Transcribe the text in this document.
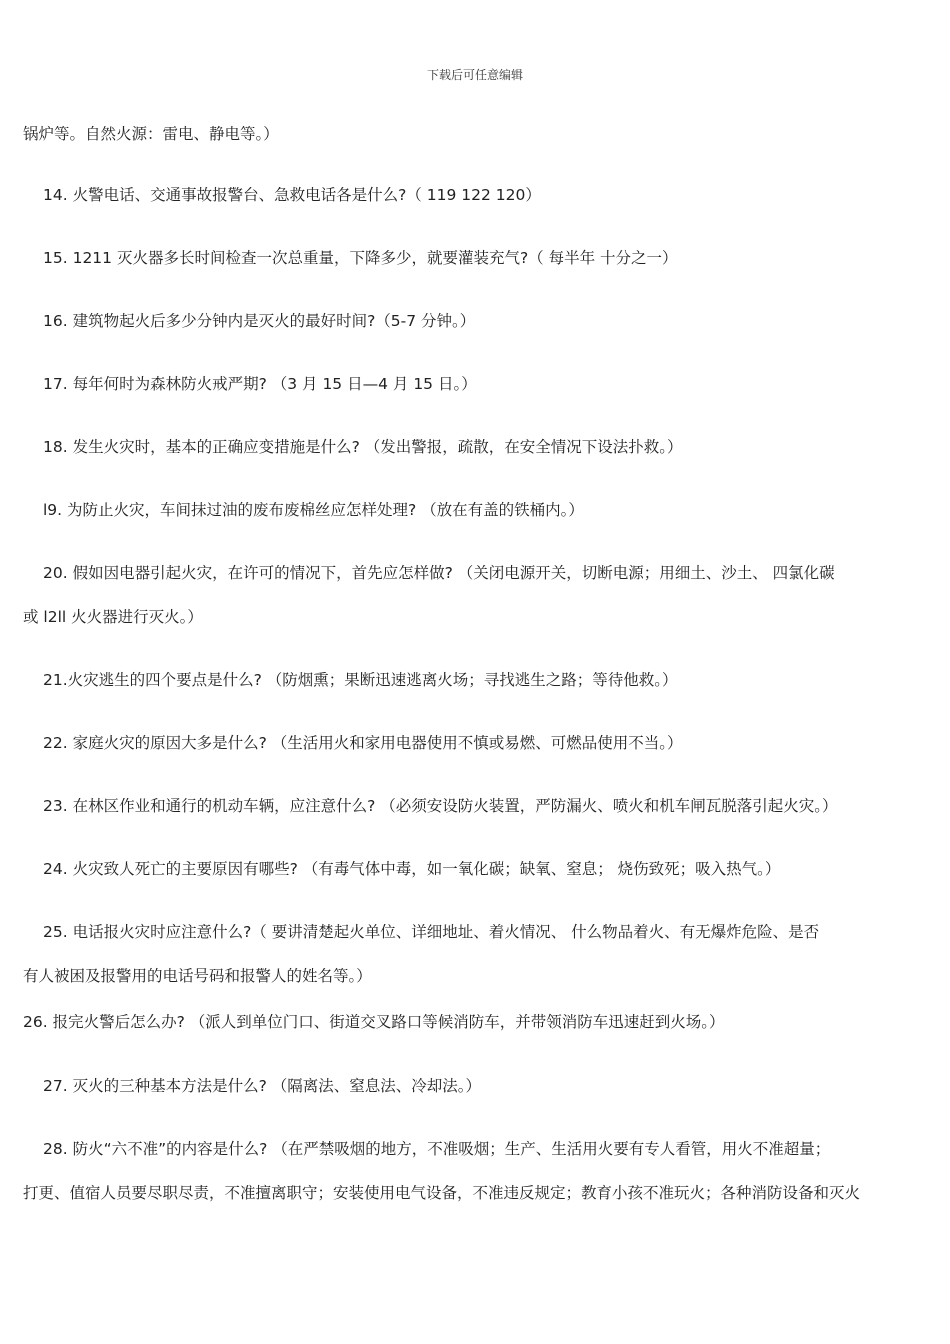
下载后可任意编辑
锅炉等。自然火源：雷电、静电等。）
14. 火警电话、交通事故报警台、急救电话各是什么?（ 119 122 120）
15. 1211 灭火器多长时间检查一次总重量，下降多少，就要灌装充气?（ 每半年 十分之一）
16. 建筑物起火后多少分钟内是灭火的最好时间?（5-7 分钟。）
17. 每年何时为森林防火戒严期? （3 月 15 日—4 月 15 日。）
18. 发生火灾时，基本的正确应变措施是什么? （发出警报，疏散，在安全情况下设法扑救。）
l9. 为防止火灾，车间抹过油的废布废棉丝应怎样处理? （放在有盖的铁桶内。）
20. 假如因电器引起火灾，在许可的情况下，首先应怎样做? （关闭电源开关，切断电源；用细土、沙土、 四氯化碳
或 l2ll 火火器进行灭火。）
21.火灾逃生的四个要点是什么? （防烟熏；果断迅速逃离火场；寻找逃生之路；等待他救。）
22. 家庭火灾的原因大多是什么? （生活用火和家用电器使用不慎或易燃、可燃品使用不当。）
23. 在林区作业和通行的机动车辆，应注意什么? （必须安设防火装置，严防漏火、喷火和机车闸瓦脱落引起火灾。）
24. 火灾致人死亡的主要原因有哪些? （有毒气体中毒，如一氧化碳；缺氧、窒息； 烧伤致死；吸入热气。）
25. 电话报火灾时应注意什么?（ 要讲清楚起火单位、详细地址、着火情况、 什么物品着火、有无爆炸危险、是否
有人被困及报警用的电话号码和报警人的姓名等。）
26. 报完火警后怎么办? （派人到单位门口、街道交叉路口等候消防车，并带领消防车迅速赶到火场。）
27. 灭火的三种基本方法是什么? （隔离法、窒息法、冷却法。）
28. 防火“六不准”的内容是什么? （在严禁吸烟的地方，不准吸烟；生产、生活用火要有专人看管，用火不准超量；
打更、值宿人员要尽职尽责，不准擅离职守；安装使用电气设备，不准违反规定；教育小孩不准玩火；各种消防设备和灭火
